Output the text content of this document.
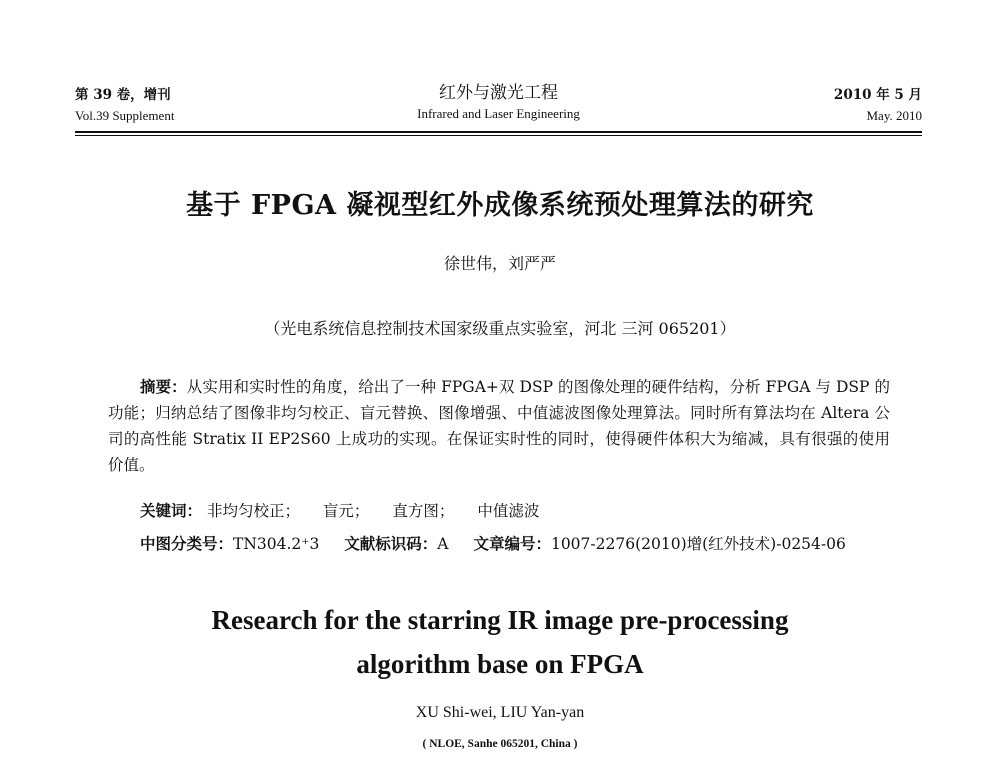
第 39 卷，增刊
Vol.39 Supplement
红外与激光工程
Infrared and Laser Engineering
2010 年 5 月
May. 2010
基于 FPGA 凝视型红外成像系统预处理算法的研究
徐世伟，刘严严
（光电系统信息控制技术国家级重点实验室，河北 三河 065201）
摘要：从实用和实时性的角度，给出了一种 FPGA+双 DSP 的图像处理的硬件结构，分析 FPGA 与 DSP 的功能；归纳总结了图像非均匀校正、盲元替换、图像增强、中值滤波图像处理算法。同时所有算法均在 Altera 公司的高性能 Stratix II EP2S60 上成功的实现。在保证实时性的同时，使得硬件体积大为缩减，具有很强的使用价值。
关键词： 非均匀校正； 盲元； 直方图； 中值滤波
中图分类号：TN304.2⁺3 文献标识码：A 文章编号：1007-2276(2010)增(红外技术)-0254-06
Research for the starring IR image pre-processing
algorithm base on FPGA
XU Shi-wei, LIU Yan-yan
( NLOE, Sanhe 065201, China )
